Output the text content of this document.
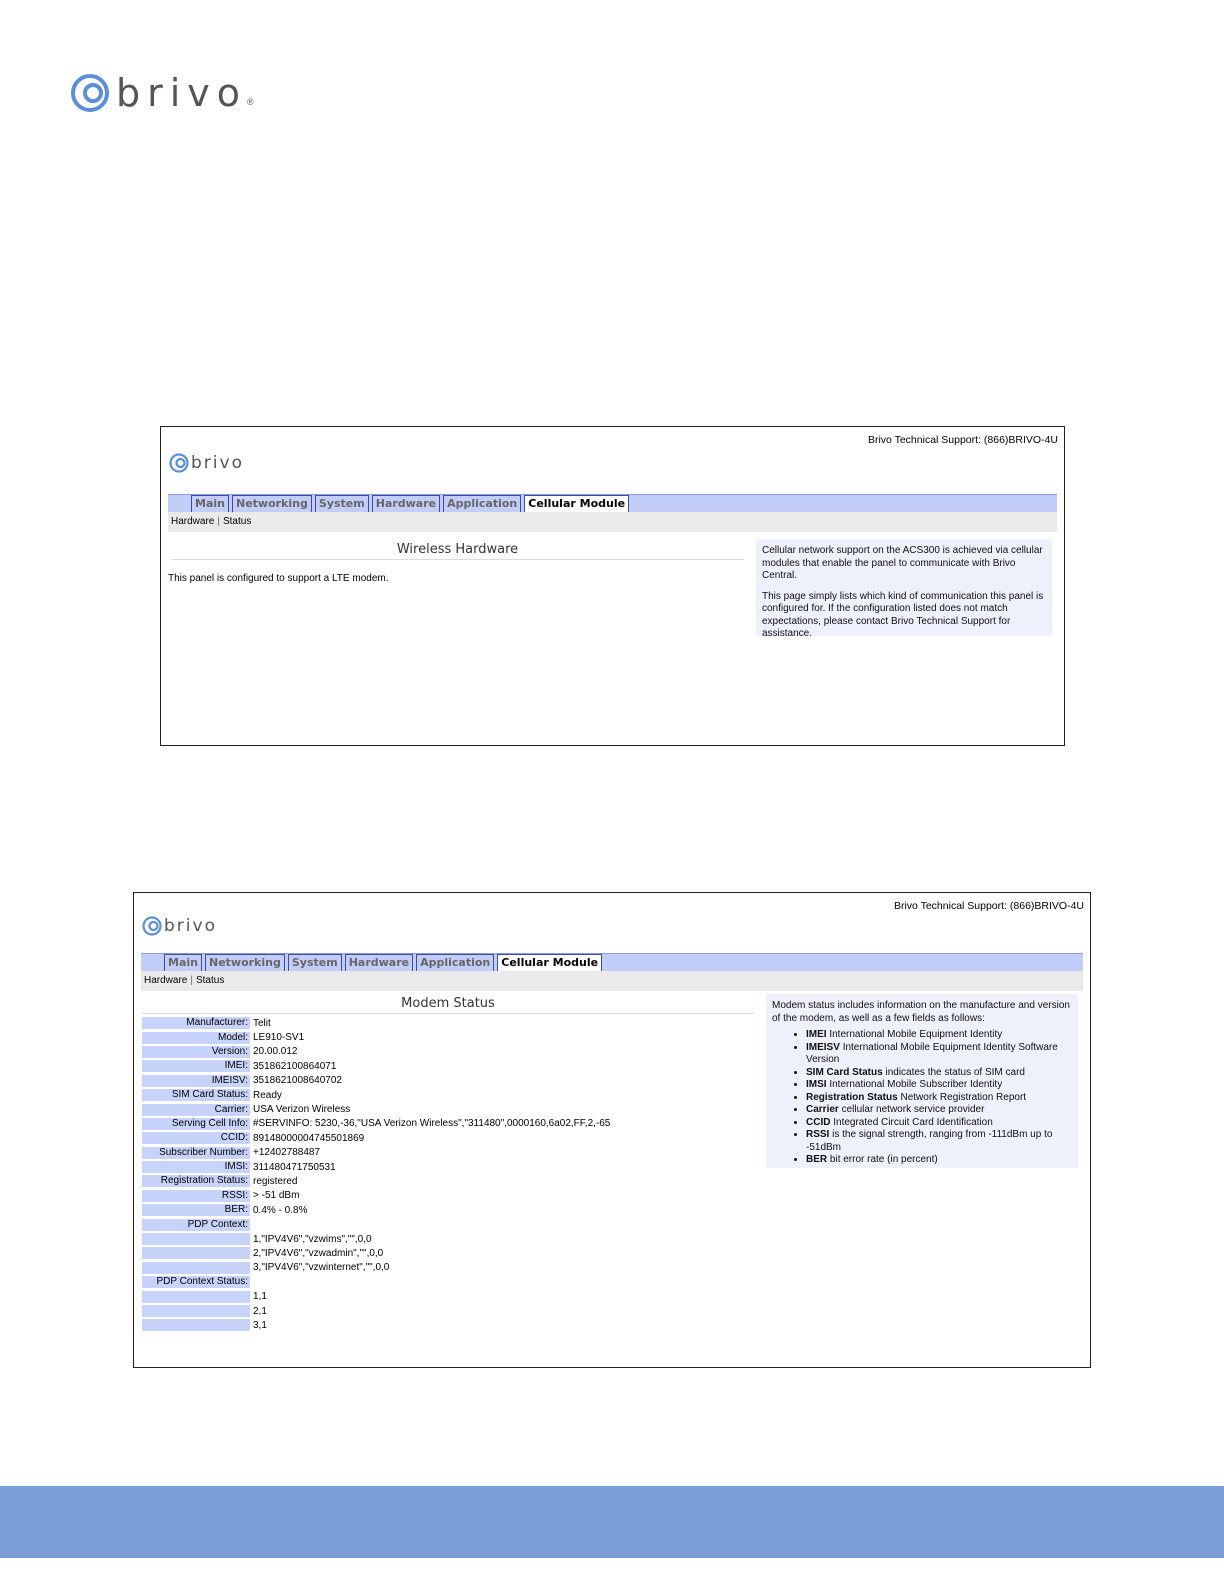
brivo ®
Brivo Technical Support: (866)BRIVO-4U
brivo
Main	Networking	System	Hardware	Application	Cellular Module
Hardware | Status
Wireless Hardware
This panel is configured to support a LTE modem.

Cellular network support on the ACS300 is achieved via cellular modules that enable the panel to communicate with Brivo Central.

This page simply lists which kind of communication this panel is configured for. If the configuration listed does not match expectations, please contact Brivo Technical Support for assistance.

Brivo Technical Support: (866)BRIVO-4U
brivo
Main	Networking	System	Hardware	Application	Cellular Module
Hardware | Status
Modem Status
Manufacturer: Telit
Model: LE910-SV1
Version: 20.00.012
IMEI: 351862100864071
IMEISV: 3518621008640702
SIM Card Status: Ready
Carrier: USA Verizon Wireless
Serving Cell Info: #SERVINFO: 5230,-36,"USA Verizon Wireless","311480",0000160,6a02,FF,2,-65
CCID: 89148000004745501869
Subscriber Number: +12402788487
IMSI: 311480471750531
Registration Status: registered
RSSI: > -51 dBm
BER: 0.4% - 0.8%
PDP Context:
1,"IPV4V6","vzwims","",0,0
2,"IPV4V6","vzwadmin","",0,0
3,"IPV4V6","vzwinternet","",0,0
PDP Context Status:
1,1
2,1
3,1

Modem status includes information on the manufacture and version of the modem, as well as a few fields as follows:

• IMEI International Mobile Equipment Identity
• IMEISV International Mobile Equipment Identity Software Version
• SIM Card Status indicates the status of SIM card
• IMSI International Mobile Subscriber Identity
• Registration Status Network Registration Report
• Carrier cellular network service provider
• CCID Integrated Circuit Card Identification
• RSSI is the signal strength, ranging from -111dBm up to -51dBm
• BER bit error rate (in percent)
